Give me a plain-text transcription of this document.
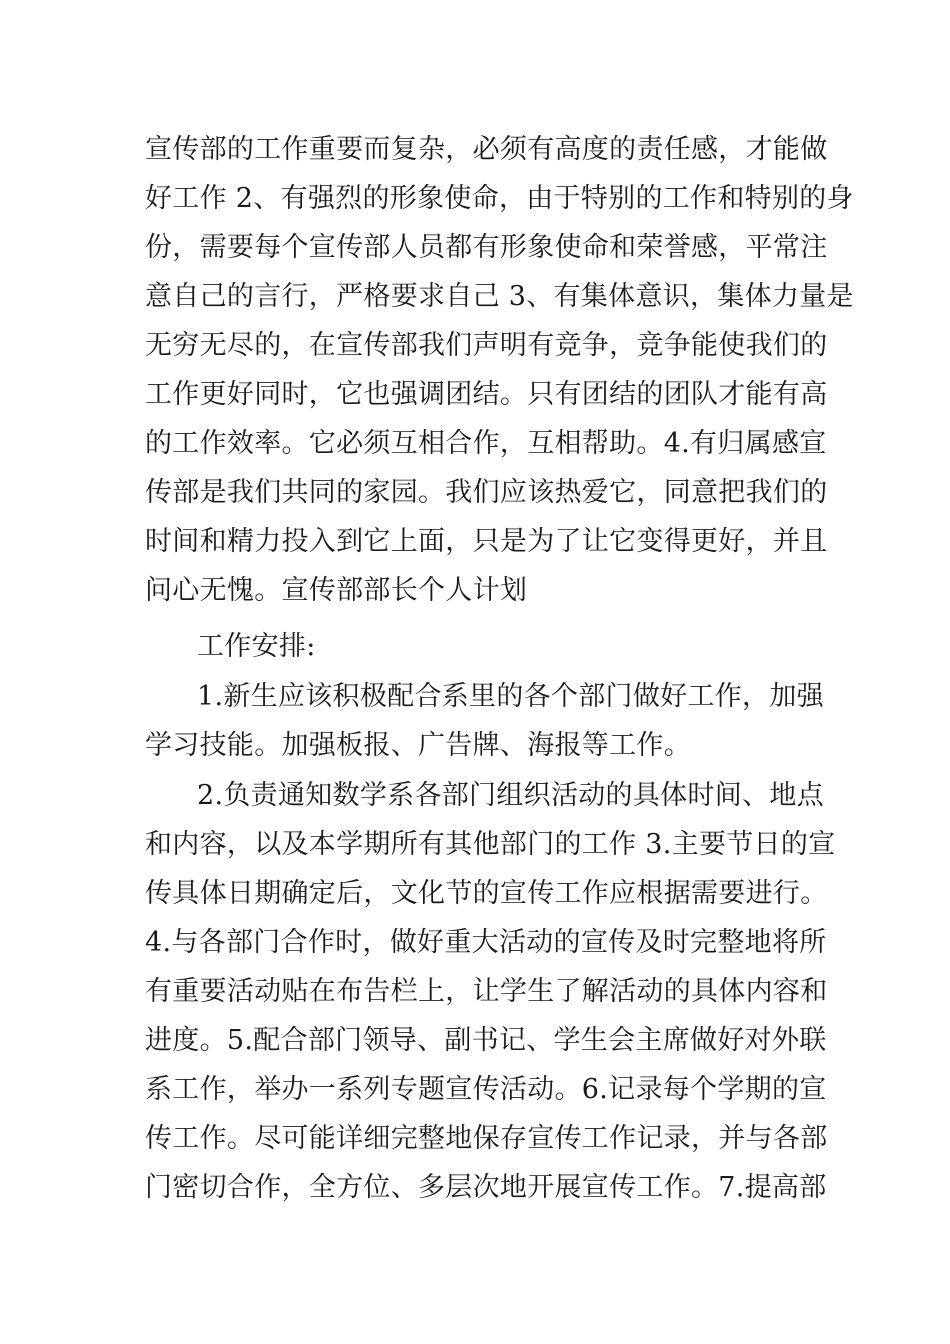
宣传部的工作重要而复杂，必须有高度的责任感，才能做
好工作 2、有强烈的形象使命，由于特别的工作和特别的身
份，需要每个宣传部人员都有形象使命和荣誉感，平常注
意自己的言行，严格要求自己 3、有集体意识，集体力量是
无穷无尽的，在宣传部我们声明有竞争，竞争能使我们的
工作更好同时，它也强调团结。只有团结的团队才能有高
的工作效率。它必须互相合作，互相帮助。4.有归属感宣
传部是我们共同的家园。我们应该热爱它，同意把我们的
时间和精力投入到它上面，只是为了让它变得更好，并且
问心无愧。宣传部部长个人计划
工作安排:
1.新生应该积极配合系里的各个部门做好工作，加强
学习技能。加强板报、广告牌、海报等工作。
2.负责通知数学系各部门组织活动的具体时间、地点
和内容，以及本学期所有其他部门的工作 3.主要节日的宣
传具体日期确定后，文化节的宣传工作应根据需要进行。
4.与各部门合作时，做好重大活动的宣传及时完整地将所
有重要活动贴在布告栏上，让学生了解活动的具体内容和
进度。5.配合部门领导、副书记、学生会主席做好对外联
系工作，举办一系列专题宣传活动。6.记录每个学期的宣
传工作。尽可能详细完整地保存宣传工作记录，并与各部
门密切合作，全方位、多层次地开展宣传工作。7.提高部
